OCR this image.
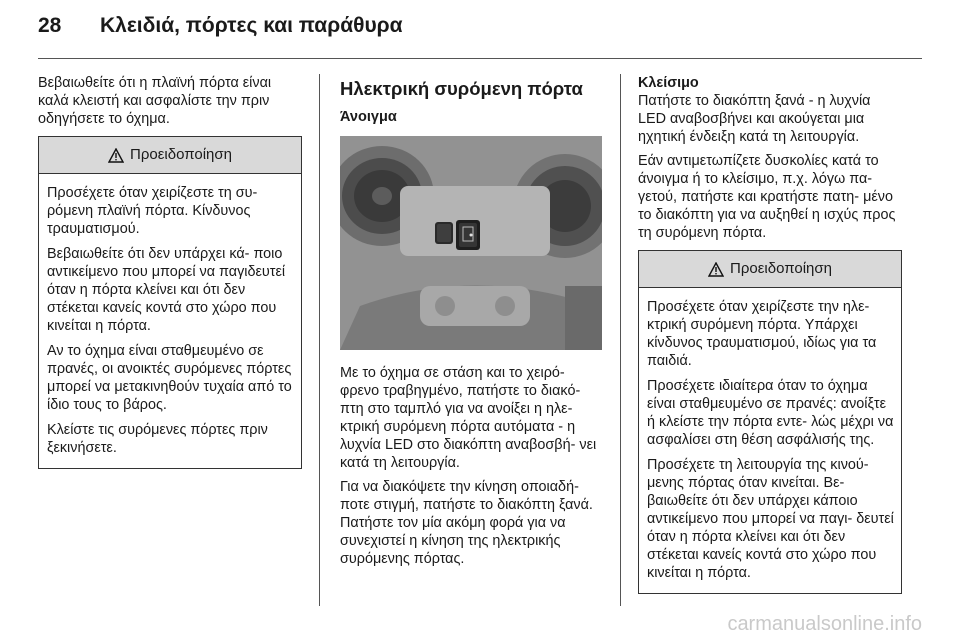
28 Κλειδιά, πόρτες και παράθυρα

Βεβαιωθείτε ότι η πλαϊνή πόρτα είναι καλά κλειστή και ασφαλίστε την πριν οδηγήσετε το όχημα.

Προειδοποίηση

Προσέχετε όταν χειρίζεστε τη συ- ρόμενη πλαϊνή πόρτα. Κίνδυνος τραυματισμού.

Βεβαιωθείτε ότι δεν υπάρχει κά- ποιο αντικείμενο που μπορεί να παγιδευτεί όταν η πόρτα κλείνει και ότι δεν στέκεται κανείς κοντά στο χώρο που κινείται η πόρτα.

Αν το όχημα είναι σταθμευμένο σε πρανές, οι ανοικτές συρόμενες πόρτες μπορεί να μετακινηθούν τυχαία από το ίδιο τους το βάρος.

Κλείστε τις συρόμενες πόρτες πριν ξεκινήσετε.

Ηλεκτρική συρόμενη πόρτα
Άνοιγμα

Με το όχημα σε στάση και το χειρό- φρενο τραβηγμένο, πατήστε το διακό- πτη στο ταμπλό για να ανοίξει η ηλε- κτρική συρόμενη πόρτα αυτόματα - η λυχνία LED στο διακόπτη αναβοσβή- νει κατά τη λειτουργία.

Για να διακόψετε την κίνηση οποιαδή- ποτε στιγμή, πατήστε το διακόπτη ξανά. Πατήστε τον μία ακόμη φορά για να συνεχιστεί η κίνηση της ηλεκτρικής συρόμενης πόρτας.

Κλείσιμο

Πατήστε το διακόπτη ξανά - η λυχνία LED αναβοσβήνει και ακούγεται μια ηχητική ένδειξη κατά τη λειτουργία.

Εάν αντιμετωπίζετε δυσκολίες κατά το άνοιγμα ή το κλείσιμο, π.χ. λόγω πα- γετού, πατήστε και κρατήστε πατη- μένο το διακόπτη για να αυξηθεί η ισχύς προς τη συρόμενη πόρτα.

Προειδοποίηση

Προσέχετε όταν χειρίζεστε την ηλε- κτρική συρόμενη πόρτα. Υπάρχει κίνδυνος τραυματισμού, ιδίως για τα παιδιά.

Προσέχετε ιδιαίτερα όταν το όχημα είναι σταθμευμένο σε πρανές: ανοίξτε ή κλείστε την πόρτα εντε- λώς μέχρι να ασφαλίσει στη θέση ασφάλισής της.

Προσέχετε τη λειτουργία της κινού- μενης πόρτας όταν κινείται. Βε- βαιωθείτε ότι δεν υπάρχει κάποιο αντικείμενο που μπορεί να παγι- δευτεί όταν η πόρτα κλείνει και ότι δεν στέκεται κανείς κοντά στο χώρο που κινείται η πόρτα.

carmanualsonline.info
